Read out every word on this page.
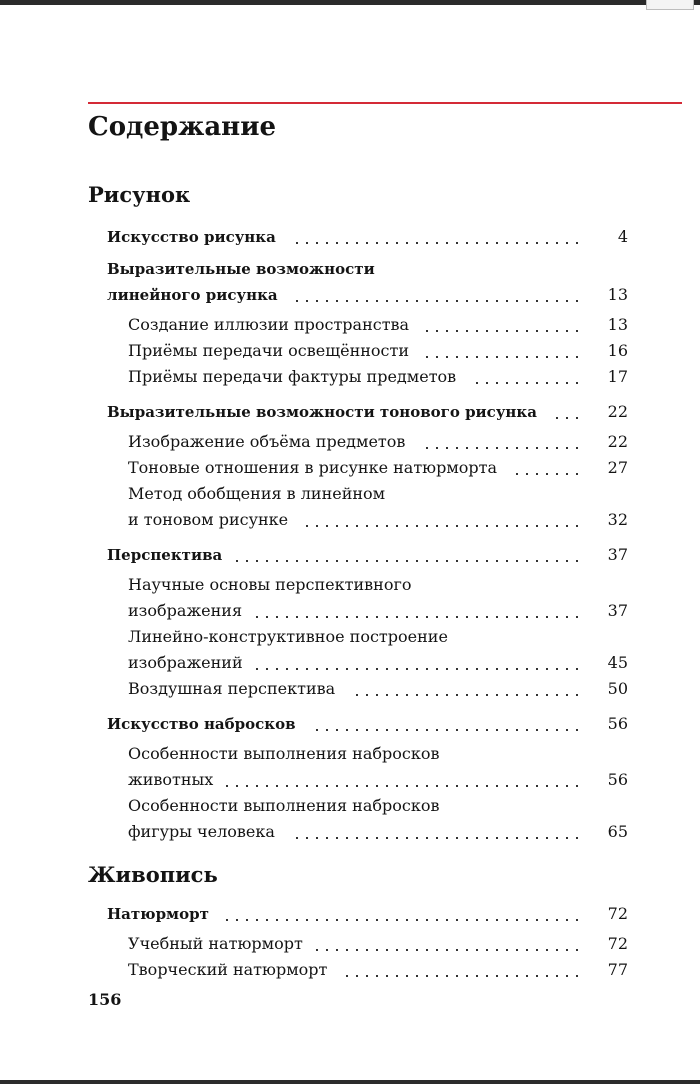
Содержание
Рисунок
Живопись
Искусство рисунка	4
Выразительные возможности
линейного рисунка	13
Создание иллюзии пространства	13
Приёмы передачи освещённости	16
Приёмы передачи фактуры предметов	17
Выразительные возможности тонового рисунка	22
Изображение объёма предметов	22
Тоновые отношения в рисунке натюрморта	27
Метод обобщения в линейном
и тоновом рисунке	32
Перспектива	37
Научные основы перспективного
изображения	37
Линейно-конструктивное построение
изображений	45
Воздушная перспектива	50
Искусство набросков	56
Особенности выполнения набросков
животных	56
Особенности выполнения набросков
фигуры человека	65
Натюрморт	72
Учебный натюрморт	72
Творческий натюрморт	77
156
